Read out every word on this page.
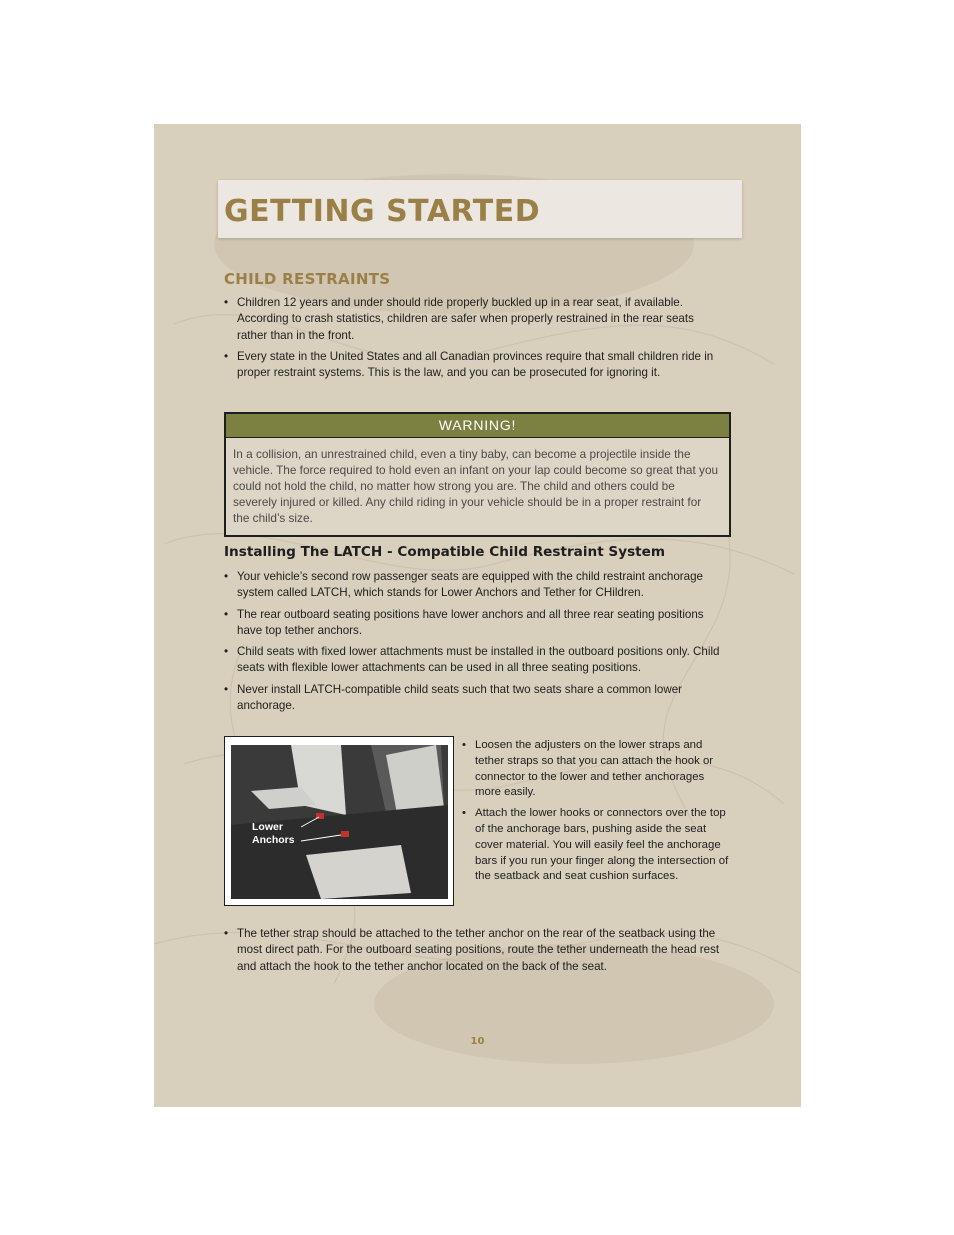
GETTING STARTED
CHILD RESTRAINTS
• Children 12 years and under should ride properly buckled up in a rear seat, if available. According to crash statistics, children are safer when properly restrained in the rear seats rather than in the front.
• Every state in the United States and all Canadian provinces require that small children ride in proper restraint systems. This is the law, and you can be prosecuted for ignoring it.
WARNING!

In a collision, an unrestrained child, even a tiny baby, can become a projectile inside the vehicle. The force required to hold even an infant on your lap could become so great that you could not hold the child, no matter how strong you are. The child and others could be severely injured or killed. Any child riding in your vehicle should be in a proper restraint for the child’s size.

Installing The LATCH - Compatible Child Restraint System
• Your vehicle’s second row passenger seats are equipped with the child restraint anchorage system called LATCH, which stands for Lower Anchors and Tether for CHildren.
• The rear outboard seating positions have lower anchors and all three rear seating positions have top tether anchors.
• Child seats with fixed lower attachments must be installed in the outboard positions only. Child seats with flexible lower attachments can be used in all three seating positions.
• Never install LATCH-compatible child seats such that two seats share a common lower anchorage.
Lower
Anchors
• Loosen the adjusters on the lower straps and tether straps so that you can attach the hook or connector to the lower and tether anchorages more easily.
• Attach the lower hooks or connectors over the top of the anchorage bars, pushing aside the seat cover material. You will easily feel the anchorage bars if you run your finger along the intersection of the seatback and seat cushion surfaces.
• The tether strap should be attached to the tether anchor on the rear of the seatback using the most direct path. For the outboard seating positions, route the tether underneath the head rest and attach the hook to the tether anchor located on the back of the seat.
10
